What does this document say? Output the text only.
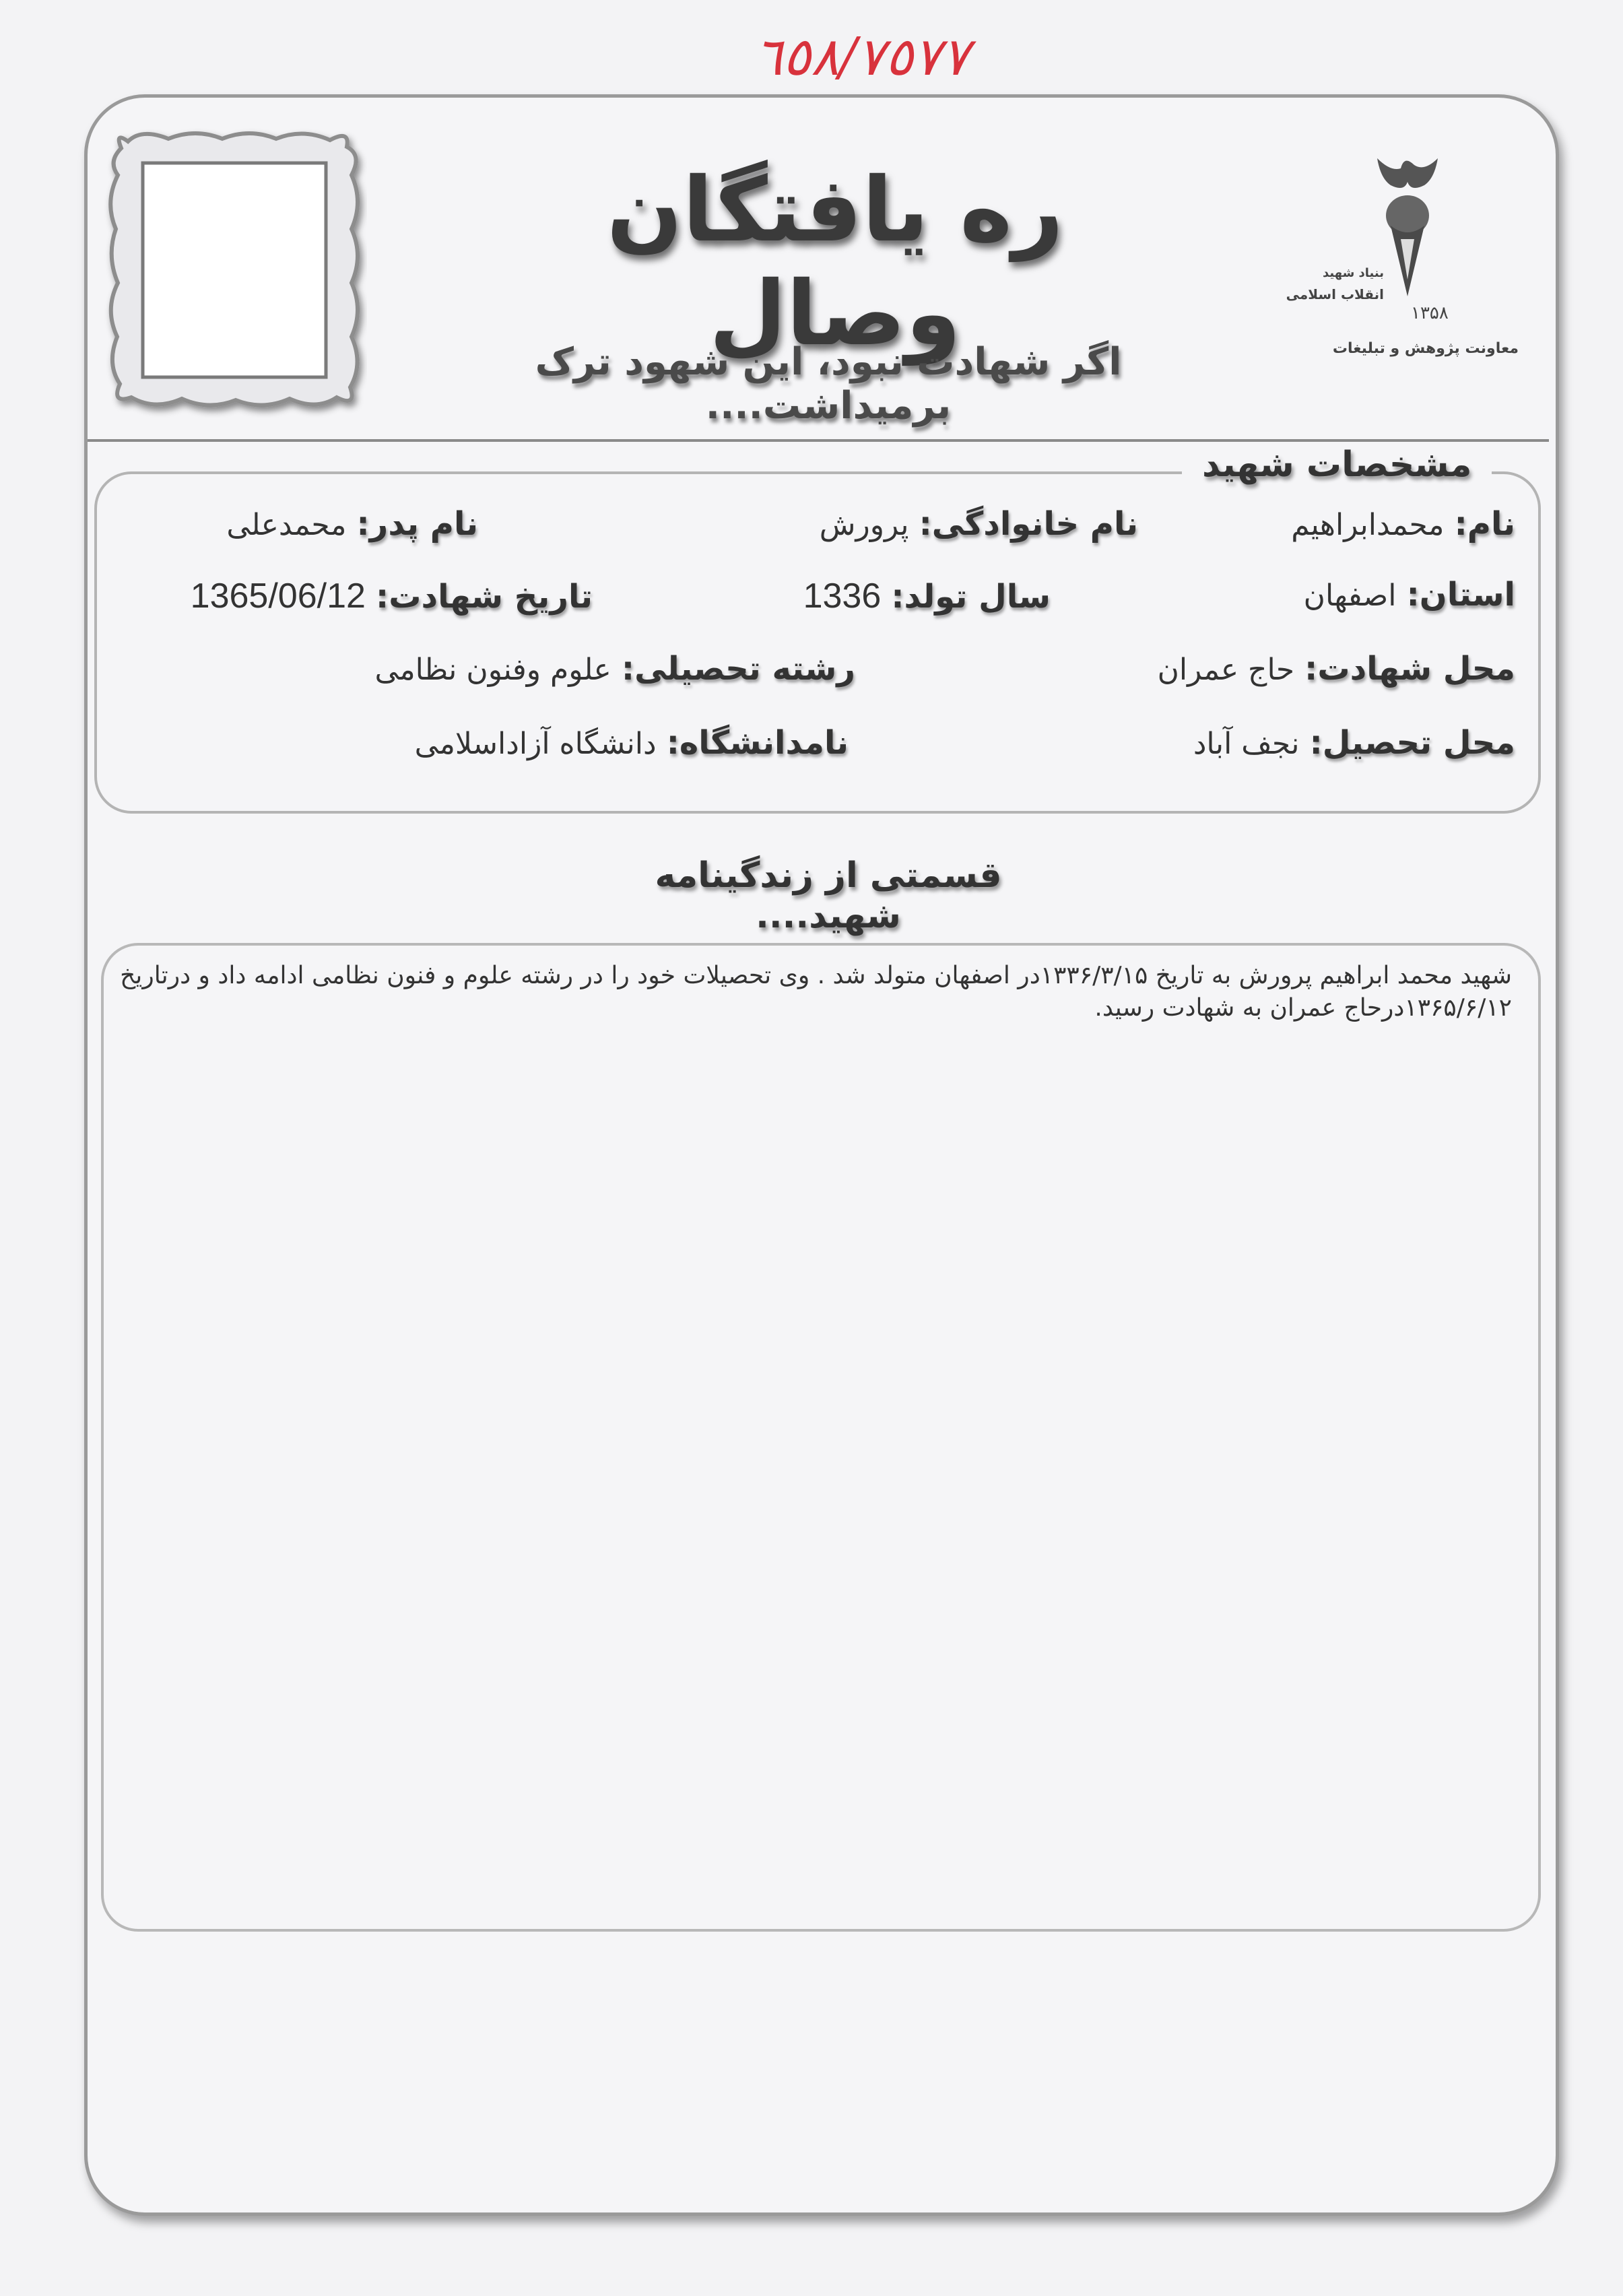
٦٥٨/٧٥٧٧
بنیاد شهید
انقلاب اسلامی
۱۳۵۸
معاونت پژوهش و تبلیغات
ره یافتگان وصال
اگر شهادت نبود، این شهود ترک برمیداشت....
مشخصات شهید
نام: محمدابراهیم
نام خانوادگی: پرورش
نام پدر: محمدعلی
استان: اصفهان
سال تولد: 1336
تاریخ شهادت: 1365/06/12
محل شهادت: حاج عمران
رشته تحصیلی: علوم وفنون نظامی
محل تحصیل: نجف آباد
نامدانشگاه: دانشگاه آزاداسلامی
قسمتی از زندگینامه شهید....
شهید محمد ابراهیم پرورش به تاریخ ۱۳۳۶/۳/۱۵در اصفهان متولد شد . وی تحصیلات خود را در رشته علوم و فنون نظامی ادامه داد و درتاریخ ۱۳۶۵/۶/۱۲درحاج عمران به شهادت رسید.
